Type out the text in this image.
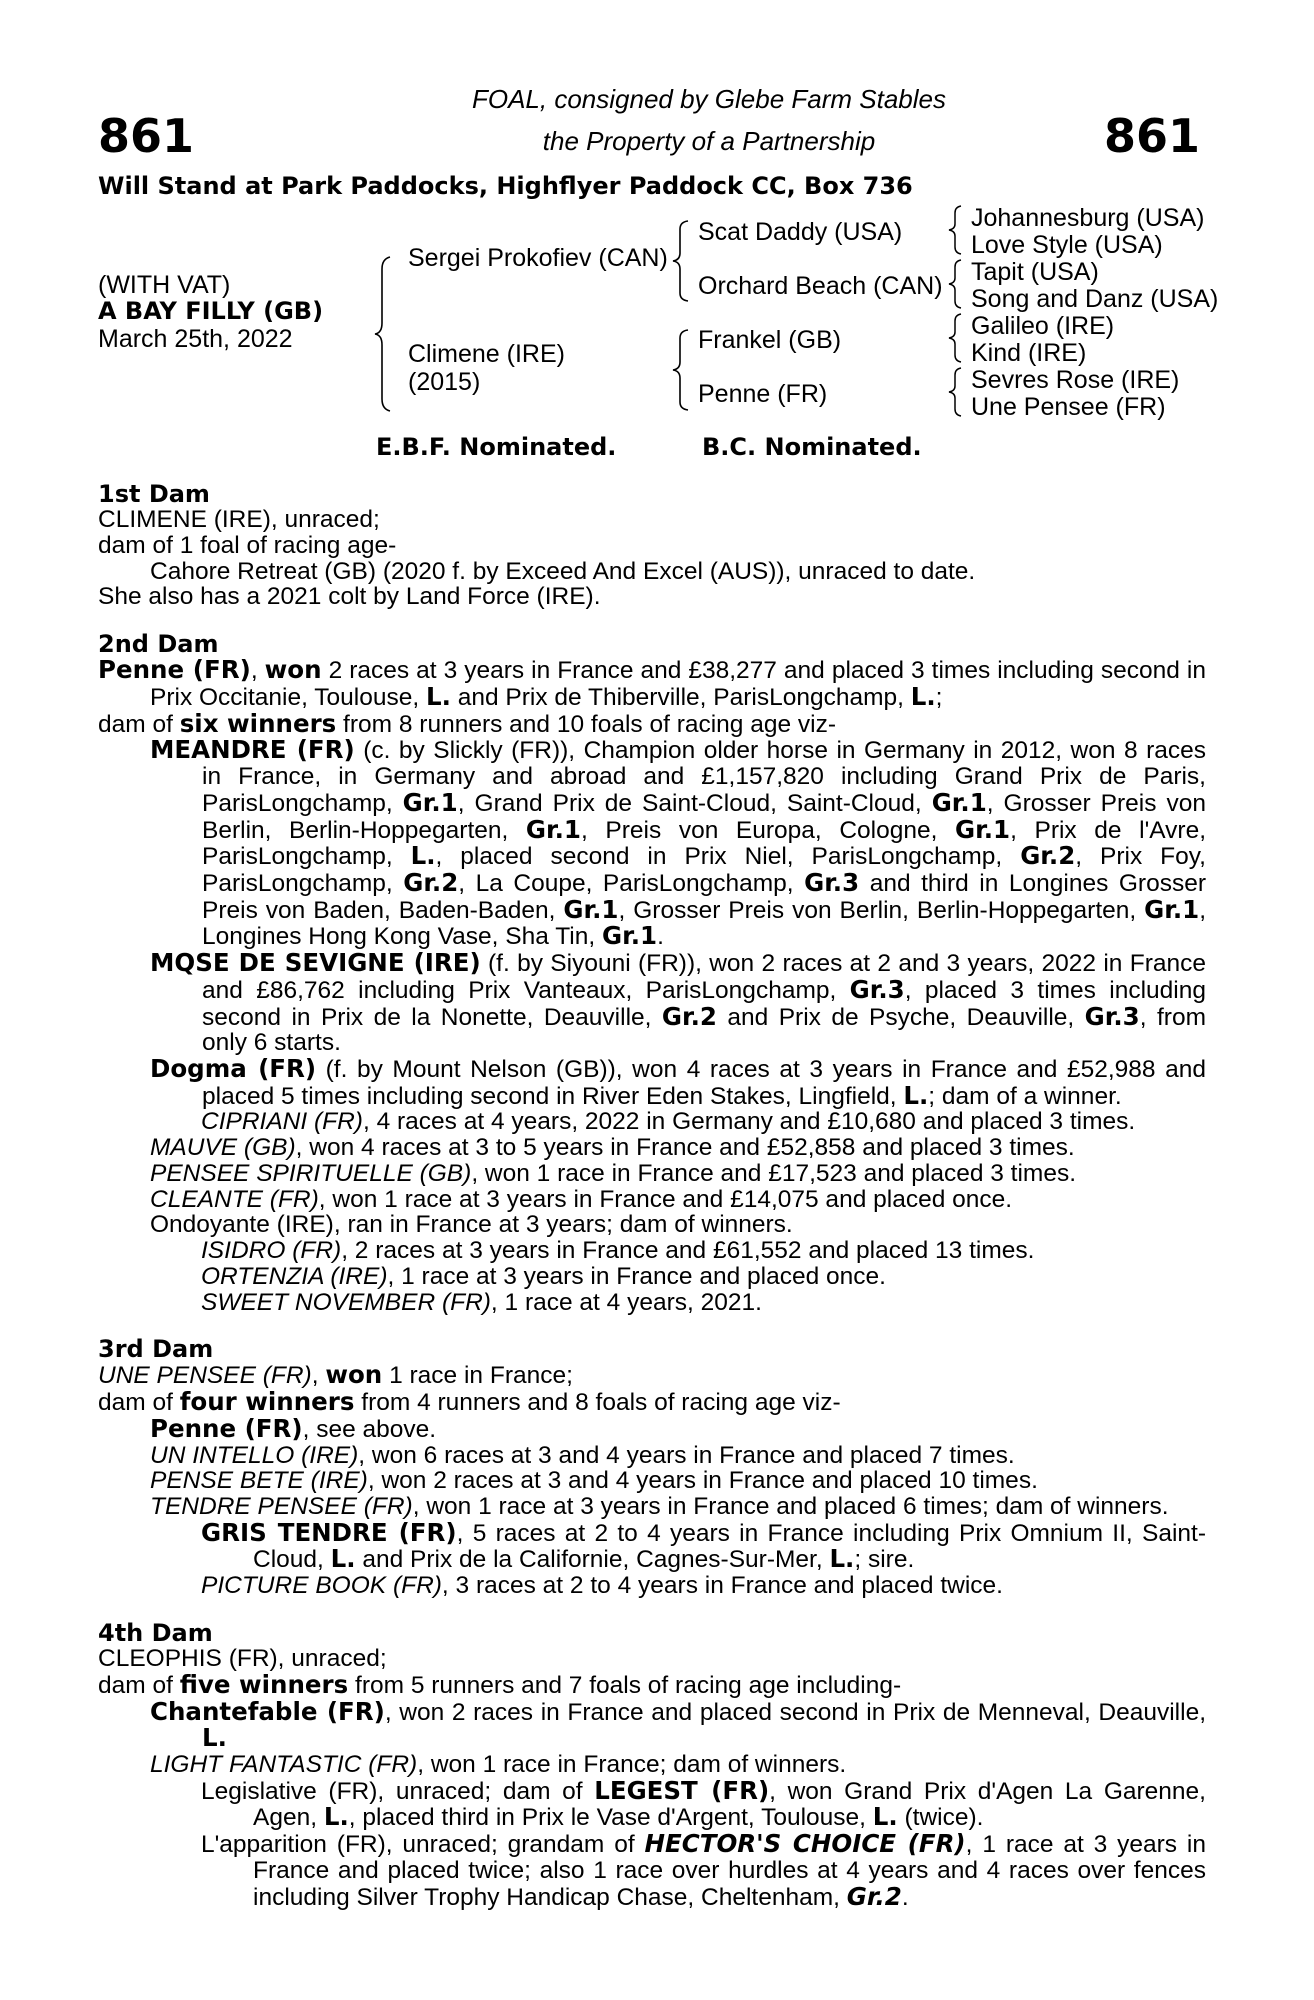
861	861
FOAL, consigned by Glebe Farm Stables
the Property of a Partnership
Will Stand at Park Paddocks, Highflyer Paddock CC, Box 736
(WITH VAT)
A BAY FILLY (GB)
March 25th, 2022
Sergei Prokofiev (CAN)
Climene (IRE)
(2015)
Scat Daddy (USA)
Orchard Beach (CAN)
Frankel (GB)
Penne (FR)
Johannesburg (USA)
Love Style (USA)
Tapit (USA)
Song and Danz (USA)
Galileo (IRE)
Kind (IRE)
Sevres Rose (IRE)
Une Pensee (FR)
E.B.F. Nominated.	B.C. Nominated.
1st Dam

CLIMENE (IRE), unraced;

dam of 1 foal of racing age-

Cahore Retreat (GB) (2020 f. by Exceed And Excel (AUS)), unraced to date.

She also has a 2021 colt by Land Force (IRE).

2nd Dam

Penne (FR), won 2 races at 3 years in France and £38,277 and placed 3 times including second in Prix Occitanie, Toulouse, L. and Prix de Thiberville, ParisLongchamp, L.;

dam of six winners from 8 runners and 10 foals of racing age viz-

MEANDRE (FR) (c. by Slickly (FR)), Champion older horse in Germany in 2012, won 8 races in France, in Germany and abroad and £1,157,820 including Grand Prix de Paris, ParisLongchamp, Gr.1, Grand Prix de Saint-Cloud, Saint-Cloud, Gr.1, Grosser Preis von Berlin, Berlin-Hoppegarten, Gr.1, Preis von Europa, Cologne, Gr.1, Prix de l'Avre, ParisLongchamp, L., placed second in Prix Niel, ParisLongchamp, Gr.2, Prix Foy, ParisLongchamp, Gr.2, La Coupe, ParisLongchamp, Gr.3 and third in Longines Grosser Preis von Baden, Baden-Baden, Gr.1, Grosser Preis von Berlin, Berlin-Hoppegarten, Gr.1, Longines Hong Kong Vase, Sha Tin, Gr.1.

MQSE DE SEVIGNE (IRE) (f. by Siyouni (FR)), won 2 races at 2 and 3 years, 2022 in France and £86,762 including Prix Vanteaux, ParisLongchamp, Gr.3, placed 3 times including second in Prix de la Nonette, Deauville, Gr.2 and Prix de Psyche, Deauville, Gr.3, from only 6 starts.

Dogma (FR) (f. by Mount Nelson (GB)), won 4 races at 3 years in France and £52,988 and placed 5 times including second in River Eden Stakes, Lingfield, L.; dam of a winner.

CIPRIANI (FR), 4 races at 4 years, 2022 in Germany and £10,680 and placed 3 times.

MAUVE (GB), won 4 races at 3 to 5 years in France and £52,858 and placed 3 times.

PENSEE SPIRITUELLE (GB), won 1 race in France and £17,523 and placed 3 times.

CLEANTE (FR), won 1 race at 3 years in France and £14,075 and placed once.

Ondoyante (IRE), ran in France at 3 years; dam of winners.

ISIDRO (FR), 2 races at 3 years in France and £61,552 and placed 13 times.

ORTENZIA (IRE), 1 race at 3 years in France and placed once.

SWEET NOVEMBER (FR), 1 race at 4 years, 2021.

3rd Dam

UNE PENSEE (FR), won 1 race in France;

dam of four winners from 4 runners and 8 foals of racing age viz-

Penne (FR), see above.

UN INTELLO (IRE), won 6 races at 3 and 4 years in France and placed 7 times.

PENSE BETE (IRE), won 2 races at 3 and 4 years in France and placed 10 times.

TENDRE PENSEE (FR), won 1 race at 3 years in France and placed 6 times; dam of winners.

GRIS TENDRE (FR), 5 races at 2 to 4 years in France including Prix Omnium II, Saint-Cloud, L. and Prix de la Californie, Cagnes-Sur-Mer, L.; sire.

PICTURE BOOK (FR), 3 races at 2 to 4 years in France and placed twice.

4th Dam

CLEOPHIS (FR), unraced;

dam of five winners from 5 runners and 7 foals of racing age including-

Chantefable (FR), won 2 races in France and placed second in Prix de Menneval, Deauville, L.

LIGHT FANTASTIC (FR), won 1 race in France; dam of winners.

Legislative (FR), unraced; dam of LEGEST (FR), won Grand Prix d'Agen La Garenne, Agen, L., placed third in Prix le Vase d'Argent, Toulouse, L. (twice).

L'apparition (FR), unraced; grandam of HECTOR'S CHOICE (FR), 1 race at 3 years in France and placed twice; also 1 race over hurdles at 4 years and 4 races over fences including Silver Trophy Handicap Chase, Cheltenham, Gr.2.
